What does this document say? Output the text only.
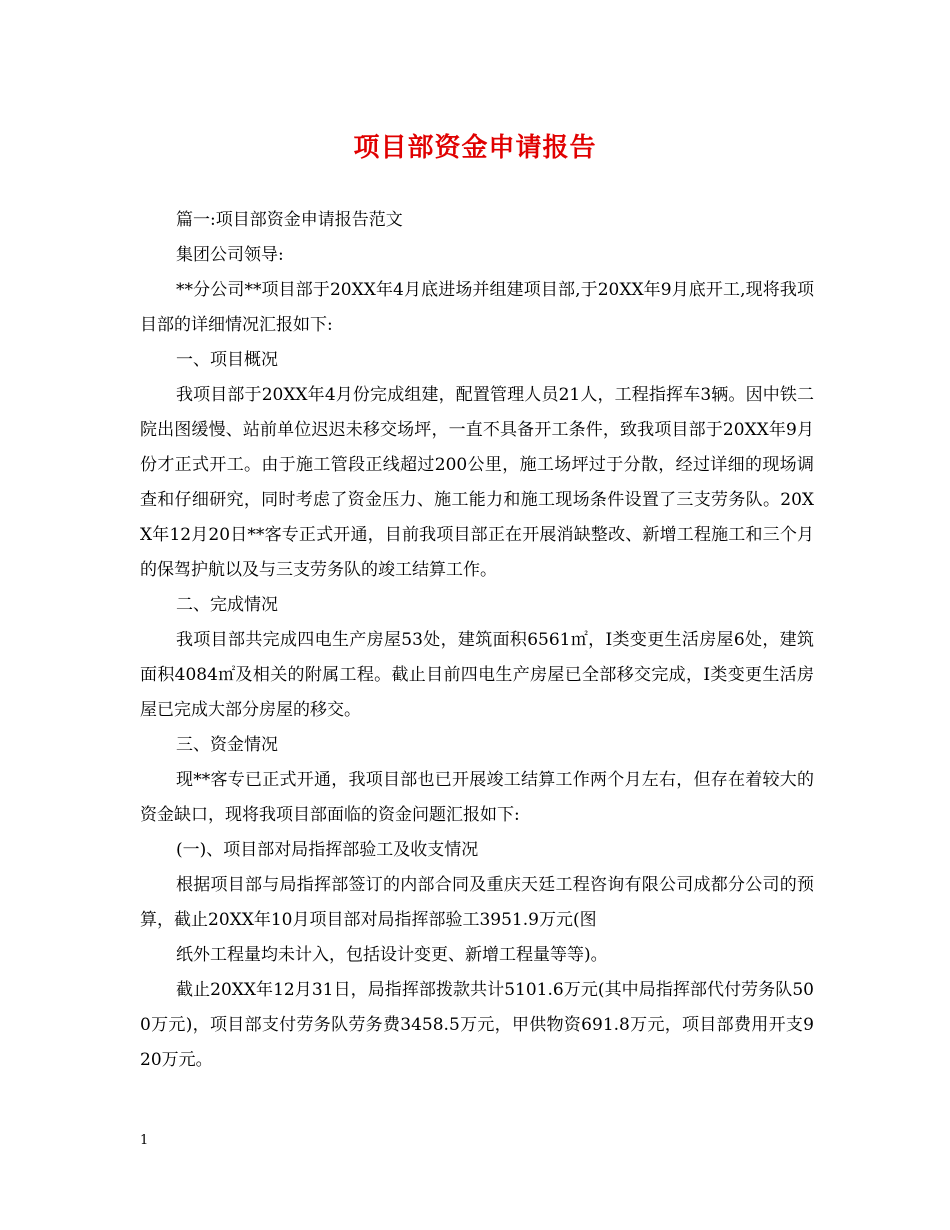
项目部资金申请报告

篇一:项目部资金申请报告范文

集团公司领导:

**分公司**项目部于20XX年4月底进场并组建项目部,于20XX年9月底开工,现将我项目部的详细情况汇报如下:

一、项目概况

我项目部于20XX年4月份完成组建，配置管理人员21人，工程指挥车3辆。因中铁二院出图缓慢、站前单位迟迟未移交场坪，一直不具备开工条件，致我项目部于20XX年9月份才正式开工。由于施工管段正线超过200公里，施工场坪过于分散，经过详细的现场调查和仔细研究，同时考虑了资金压力、施工能力和施工现场条件设置了三支劳务队。20XX年12月20日**客专正式开通，目前我项目部正在开展消缺整改、新增工程施工和三个月的保驾护航以及与三支劳务队的竣工结算工作。

二、完成情况

我项目部共完成四电生产房屋53处，建筑面积6561㎡，Ⅰ类变更生活房屋6处，建筑面积4084㎡及相关的附属工程。截止目前四电生产房屋已全部移交完成，Ⅰ类变更生活房屋已完成大部分房屋的移交。

三、资金情况

现**客专已正式开通，我项目部也已开展竣工结算工作两个月左右，但存在着较大的资金缺口，现将我项目部面临的资金问题汇报如下:

(一)、项目部对局指挥部验工及收支情况

根据项目部与局指挥部签订的内部合同及重庆天廷工程咨询有限公司成都分公司的预算，截止20XX年10月项目部对局指挥部验工3951.9万元(图

纸外工程量均未计入，包括设计变更、新增工程量等等)。

截止20XX年12月31日，局指挥部拨款共计5101.6万元(其中局指挥部代付劳务队500万元)，项目部支付劳务队劳务费3458.5万元，甲供物资691.8万元，项目部费用开支920万元。

1
